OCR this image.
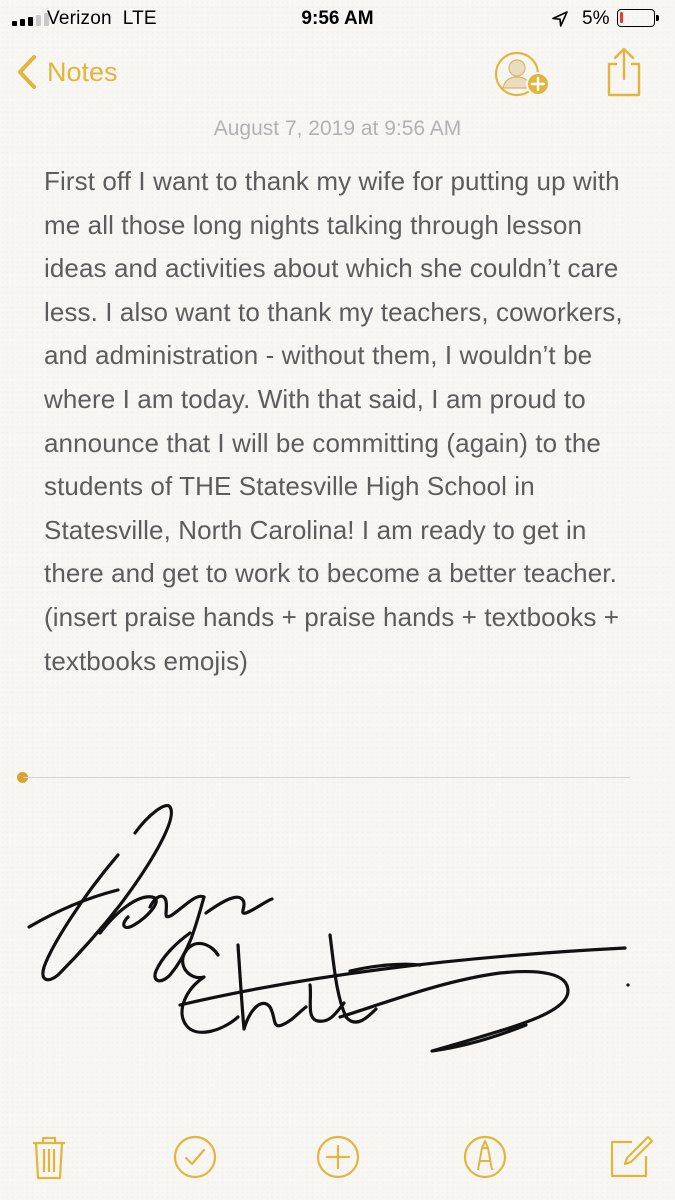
Verizon  LTE	9:56 AM	5%
Notes
August 7, 2019 at 9:56 AM

First off I want to thank my wife for putting up with me all those long nights talking through lesson ideas and activities about which she couldn’t care less. I also want to thank my teachers, coworkers, and administration - without them, I wouldn’t be where I am today. With that said, I am proud to announce that I will be committing (again) to the students of THE Statesville High School in Statesville, North Carolina! I am ready to get in there and get to work to become a better teacher. (insert praise hands + praise hands + textbooks + textbooks emojis)
